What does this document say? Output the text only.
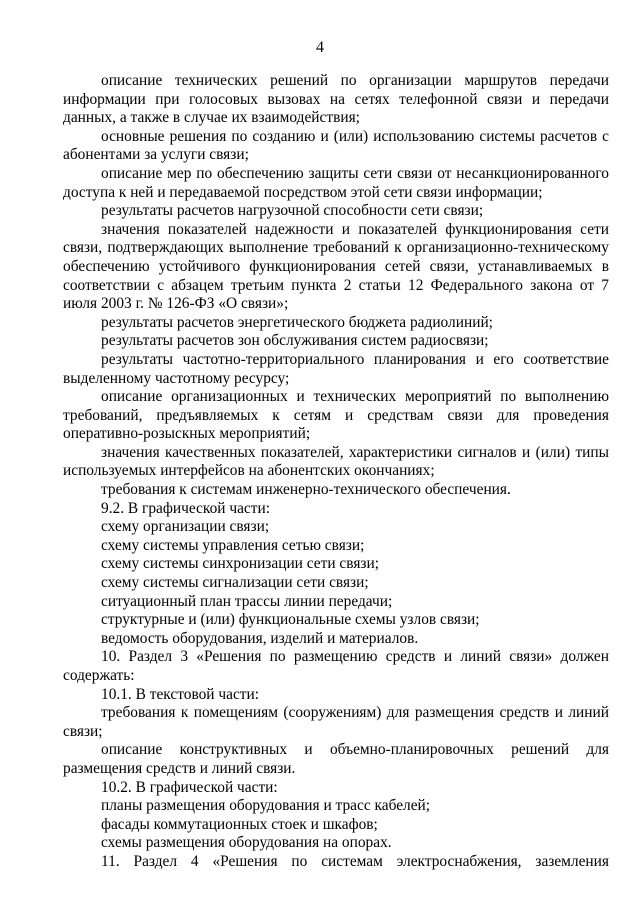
4

описание технических решений по организации маршрутов передачи информации при голосовых вызовах на сетях телефонной связи и передачи данных, а также в случае их взаимодействия;

основные решения по созданию и (или) использованию системы расчетов с абонентами за услуги связи;

описание мер по обеспечению защиты сети связи от несанкционированного доступа к ней и передаваемой посредством этой сети связи информации;

результаты расчетов нагрузочной способности сети связи;

значения показателей надежности и показателей функционирования сети связи, подтверждающих выполнение требований к организационно-техническому обеспечению устойчивого функционирования сетей связи, устанавливаемых в соответствии с абзацем третьим пункта 2 статьи 12 Федерального закона от 7 июля 2003 г. № 126-ФЗ «О связи»;

результаты расчетов энергетического бюджета радиолиний;

результаты расчетов зон обслуживания систем радиосвязи;

результаты частотно-территориального планирования и его соответствие выделенному частотному ресурсу;

описание организационных и технических мероприятий по выполнению требований, предъявляемых к сетям и средствам связи для проведения оперативно-розыскных мероприятий;

значения качественных показателей, характеристики сигналов и (или) типы используемых интерфейсов на абонентских окончаниях;

требования к системам инженерно-технического обеспечения.

9.2. В графической части:

схему организации связи;

схему системы управления сетью связи;

схему системы синхронизации сети связи;

схему системы сигнализации сети связи;

ситуационный план трассы линии передачи;

структурные и (или) функциональные схемы узлов связи;

ведомость оборудования, изделий и материалов.

10. Раздел 3 «Решения по размещению средств и линий связи» должен содержать:

10.1. В текстовой части:

требования к помещениям (сооружениям) для размещения средств и линий связи;

описание конструктивных и объемно-планировочных решений для размещения средств и линий связи.

10.2. В графической части:

планы размещения оборудования и трасс кабелей;

фасады коммутационных стоек и шкафов;

схемы размещения оборудования на опорах.

11. Раздел 4 «Решения по системам электроснабжения, заземления
